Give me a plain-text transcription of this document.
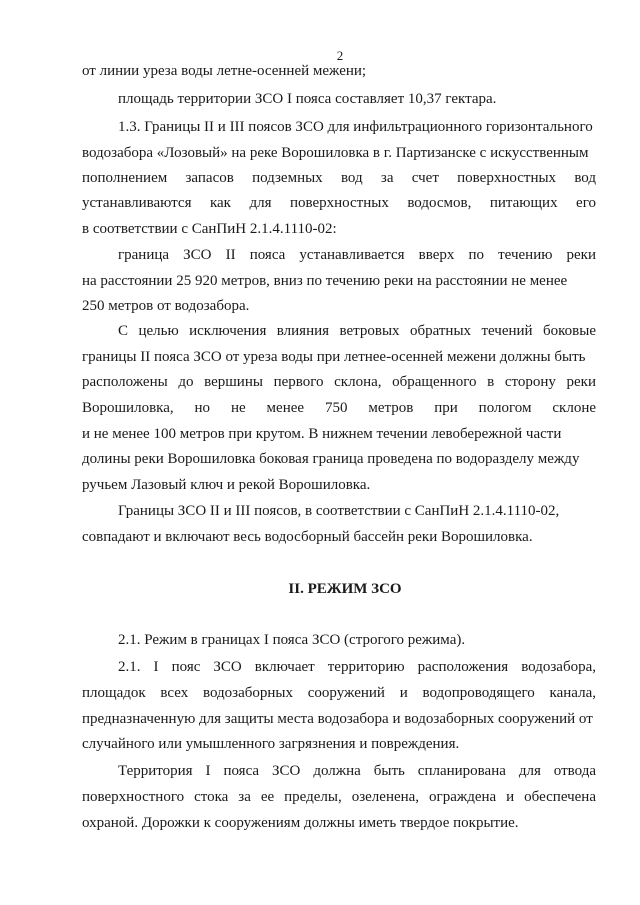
2
от линии уреза воды летне-осенней межени;
площадь территории ЗСО I пояса составляет 10,37 гектара.
1.3. Границы II и III поясов ЗСО для инфильтрационного горизонтального
водозабора «Лозовый» на реке Ворошиловка в г. Партизанске с искусственным
пополнением запасов подземных вод за счет поверхностных вод
устанавливаются как для поверхностных водосмов, питающих его
в соответствии с СанПиН 2.1.4.1110-02:
граница ЗСО II пояса устанавливается вверх по течению реки
на расстоянии 25 920 метров, вниз по течению реки на расстоянии не менее
250 метров от водозабора.
С целью исключения влияния ветровых обратных течений боковые
границы II пояса ЗСО от уреза воды при летнее-осенней межени должны быть
расположены до вершины первого склона, обращенного в сторону реки
Ворошиловка, но не менее 750 метров при пологом склоне
и не менее 100 метров при крутом. В нижнем течении левобережной части
долины реки Ворошиловка боковая граница проведена по водоразделу между
ручьем Лазовый ключ и рекой Ворошиловка.
Границы ЗСО II и III поясов, в соответствии с СанПиН 2.1.4.1110-02,
совпадают и включают весь водосборный бассейн реки Ворошиловка.
II. РЕЖИМ ЗСО
2.1. Режим в границах I пояса ЗСО (строгого режима).
2.1. I пояс ЗСО включает территорию расположения водозабора,
площадок всех водозаборных сооружений и водопроводящего канала,
предназначенную для защиты места водозабора и водозаборных сооружений от
случайного или умышленного загрязнения и повреждения.
Территория I пояса ЗСО должна быть спланирована для отвода
поверхностного стока за ее пределы, озеленена, ограждена и обеспечена
охраной. Дорожки к сооружениям должны иметь твердое покрытие.
